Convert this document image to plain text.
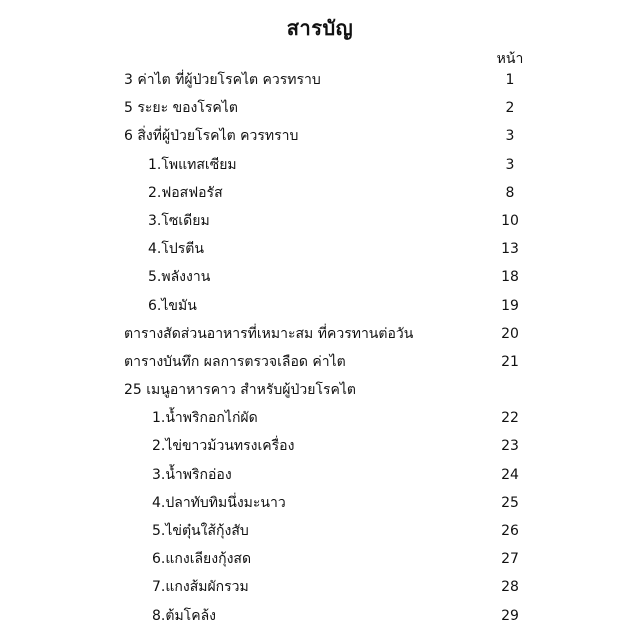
สารบัญ
หน้า
3 ค่าไต ที่ผู้ป่วยโรคไต ควรทราบ	1
5 ระยะ ของโรคไต	2
6 สิ่งที่ผู้ป่วยโรคไต ควรทราบ	3
1.โพแทสเซียม	3
2.ฟอสฟอรัส	8
3.โซเดียม	10
4.โปรตีน	13
5.พลังงาน	18
6.ไขมัน	19
ตารางสัดส่วนอาหารที่เหมาะสม ที่ควรทานต่อวัน	20
ตารางบันทึก ผลการตรวจเลือด ค่าไต	21
25 เมนูอาหารคาว สำหรับผู้ป่วยโรคไต
1.น้ำพริกอกไก่ผัด	22
2.ไข่ขาวม้วนทรงเครื่อง	23
3.น้ำพริกอ่อง	24
4.ปลาทับทิมนึ่งมะนาว	25
5.ไข่ตุ๋นใส้กุ้งสับ	26
6.แกงเลียงกุ้งสด	27
7.แกงส้มผักรวม	28
8.ต้มโคล้ง	29
